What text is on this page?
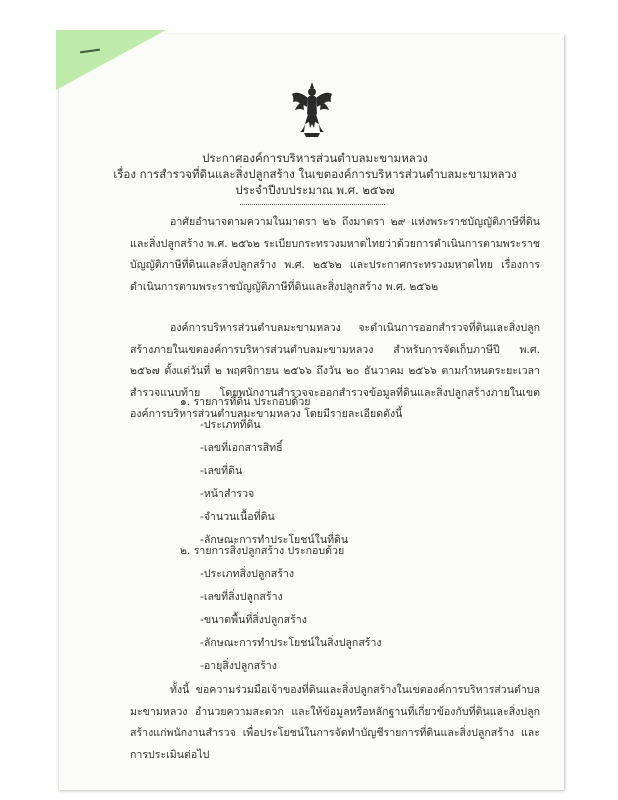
ประกาศองค์การบริหารส่วนตำบลมะขามหลวง
เรื่อง การสำรวจที่ดินและสิ่งปลูกสร้าง ในเขตองค์การบริหารส่วนตำบลมะขามหลวง
ประจำปีงบประมาณ พ.ศ. ๒๕๖๗
อาศัยอำนาจตามความในมาตรา ๒๖ ถึงมาตรา ๒๙ แห่งพระราชบัญญัติภาษีที่ดินและสิ่งปลูกสร้าง พ.ศ. ๒๕๖๒ ระเบียบกระทรวงมหาดไทยว่าด้วยการดำเนินการตามพระราชบัญญัติภาษีที่ดินและสิ่งปลูกสร้าง พ.ศ. ๒๕๖๒ และประกาศกระทรวงมหาดไทย เรื่องการดำเนินการตามพระราชบัญญัติภาษีที่ดินและสิ่งปลูกสร้าง พ.ศ. ๒๕๖๒
องค์การบริหารส่วนตำบลมะขามหลวง จะดำเนินการออกสำรวจที่ดินและสิ่งปลูกสร้างภายในเขตองค์การบริหารส่วนตำบลมะขามหลวง สำหรับการจัดเก็บภาษีปี พ.ศ. ๒๕๖๗ ตั้งแต่วันที่ ๒ พฤศจิกายน ๒๕๖๖ ถึงวัน ๒๐ ธันวาคม ๒๕๖๖ ตามกำหนดระยะเวลาสำรวจแนบท้าย โดยพนักงานสำรวจจะออกสำรวจข้อมูลที่ดินและสิ่งปลูกสร้างภายในเขตองค์การบริหารส่วนตำบลมะขามหลวง โดยมีรายละเอียดดังนี้
๑. รายการที่ดิน ประกอบด้วย
-ประเภทที่ดิน
-เลขที่เอกสารสิทธิ์
-เลขที่ดิน
-หน้าสำรวจ
-จำนวนเนื้อที่ดิน
-ลักษณะการทำประโยชน์ในที่ดิน
๒. รายการสิ่งปลูกสร้าง ประกอบด้วย
-ประเภทสิ่งปลูกสร้าง
-เลขที่สิ่งปลูกสร้าง
-ขนาดพื้นที่สิ่งปลูกสร้าง
-ลักษณะการทำประโยชน์ในสิ่งปลูกสร้าง
-อายุสิ่งปลูกสร้าง
ทั้งนี้ ขอความร่วมมือเจ้าของที่ดินและสิ่งปลูกสร้างในเขตองค์การบริหารส่วนตำบลมะขามหลวง อำนวยความสะดวก และให้ข้อมูลหรือหลักฐานที่เกี่ยวข้องกับที่ดินและสิ่งปลูกสร้างแก่พนักงานสำรวจ เพื่อประโยชน์ในการจัดทำบัญชีรายการที่ดินและสิ่งปลูกสร้าง และการประเมินต่อไป
